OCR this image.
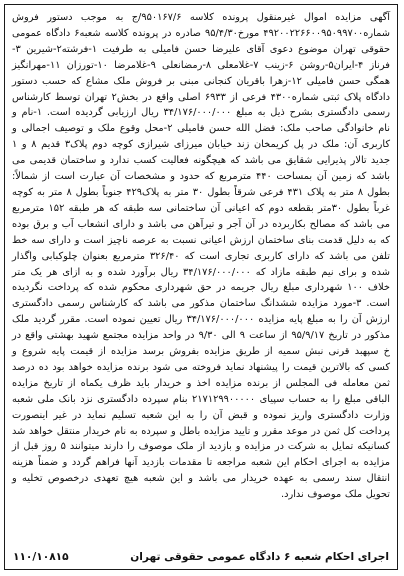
آگهی مزایده اموال غیرمنقول پرونده کلاسه ۹۵۰۱۶۷/۶/ج به موجب دستور فروش شماره۴۹۲۰۰۲۲۶۶۰۰۹۵۰۹۹۷۰۰ مورخ۹۵/۴/۳۰ صادره در پرونده کلاسه شعبه۶ دادگاه عمومی حقوقی تهران موضوع دعوی آقای علیرضا حسن فامیلی به طرفیت ۱-فرشته۲-شیرین ۳-فرناز ۴-ایران۵-روشن ۶-زینب ۷-غلامعلی ۸-رمضانعلی ۹-غلامرضا ۱۰-تورزان ۱۱-مهرانگیز همگی حسن فامیلی ۱۲-زهرا باقریان کنجانی مبنی بر فروش ملک مشاع که حسب دستور دادگاه پلاک ثبتی شماره۴۳۰۰ فرعی از ۶۹۳۳ اصلی واقع در بخش۲ تهران توسط کارشناس رسمی دادگستری بشرح ذیل به مبلغ ۳۴/۱۷۶/۰۰۰/۰۰۰ ریال ارزیابی گردیده است. ۱-نام و نام خانوادگی صاحب ملک: فضل الله حسن فامیلی ۲-محل وقوع ملک و توصیف اجمالی و کاربری آن: ملک در پل کریمخان زند خیابان میرزای شیرازی کوچه دوم پلاک۳ قدیم ۸ و ۱ جدید تالار پذیرایی شقایق می باشد که هیچگونه فعالیت کسب ندارد و ساختمان قدیمی می باشد که زمین آن بمساحت ۴۴۰ مترمربع که حدود و مشخصات آن عبارت است از شمالاً: بطول ۸ متر به پلاک ۴۳۱ فرعی شرقاً بطول ۳۰ متر به پلاک۴۲۹ جنوباً بطول ۸ متر به کوچه غرباً بطول ۳۰متر بقطعه دوم که اعیانی آن ساختمانی سه طبقه که هر طبقه ۱۵۲ مترمربع می باشد که مصالح بکاربرده در آن آجر و تیرآهن می باشد و دارای انشعاب آب و برق بوده که به دلیل قدمت بنای ساختمان ارزش اعیانی نسبت به عرصه ناچیز است و دارای سه خط تلفن می باشد که دارای کاربری تجاری است که ۳۲۶/۴۰ مترمربع بعنوان چلوکبابی واگذار شده و برای نیم طبقه مازاد که ۳۴/۱۷۶/۰۰۰/۰۰۰ ریال برآورد شده و به ازای هر یک متر خلاف ۱۰۰ شهرداری مبلغ ریال جریمه در حق شهرداری محکوم شده که پرداخت نگردیده است. ۳-مورد مزایده ششدانگ ساختمان مذکور می باشد که کارشناس رسمی دادگستری ارزش آن را به مبلغ پایه مزایده ۳۴/۱۷۶/۰۰۰/۰۰۰ ریال تعیین نموده است. مقرر گردید ملک مذکور در تاریخ ۹۵/۹/۱۷ از ساعت ۹ الی ۹/۳۰ در واحد مزایده مجتمع شهید بهشتی واقع در خ سپهبد قرنی نبش سمیه از طریق مزایده بفروش برسد مزایده از قیمت پایه شروع و کسی که بالاترین قیمت را پیشنهاد نماید فروخته می شود برنده مزایده خواهد بود ده درصد ثمن معامله فی المجلس از برنده مزایده اخذ و خریدار باید ظرف یکماه از تاریخ مزایده الباقی مبلغ را به حساب سپیای ۲۱۷۱۲۹۹۰۰۰۰۰ بنام سپرده دادگستری نزد بانک ملی شعبه وزارت دادگستری واریز نموده و قبض آن را به این شعبه تسلیم نماید در غیر اینصورت پرداخت کل ثمن در موعد مقرر و تایید مزایده باطل و سپرده به نام خریدار منتقل خواهد شد کسانیکه تمایل به شرکت در مزایده و بازدید از ملک موصوف را دارند میتوانند ۵ روز قبل از مزایده به اجرای احکام این شعبه مراجعه تا مقدمات بازدید آنها فراهم گردد و ضمناً هزینه انتقال سند رسمی به عهده خریدار می باشد و این شعبه هیچ تعهدی درخصوص تخلیه و تحویل ملک موصوف ندارد.

اجرای احکام شعبه ۶ دادگاه عمومی حقوقی تهران
۱۱۰/۱۰۸۱۵
